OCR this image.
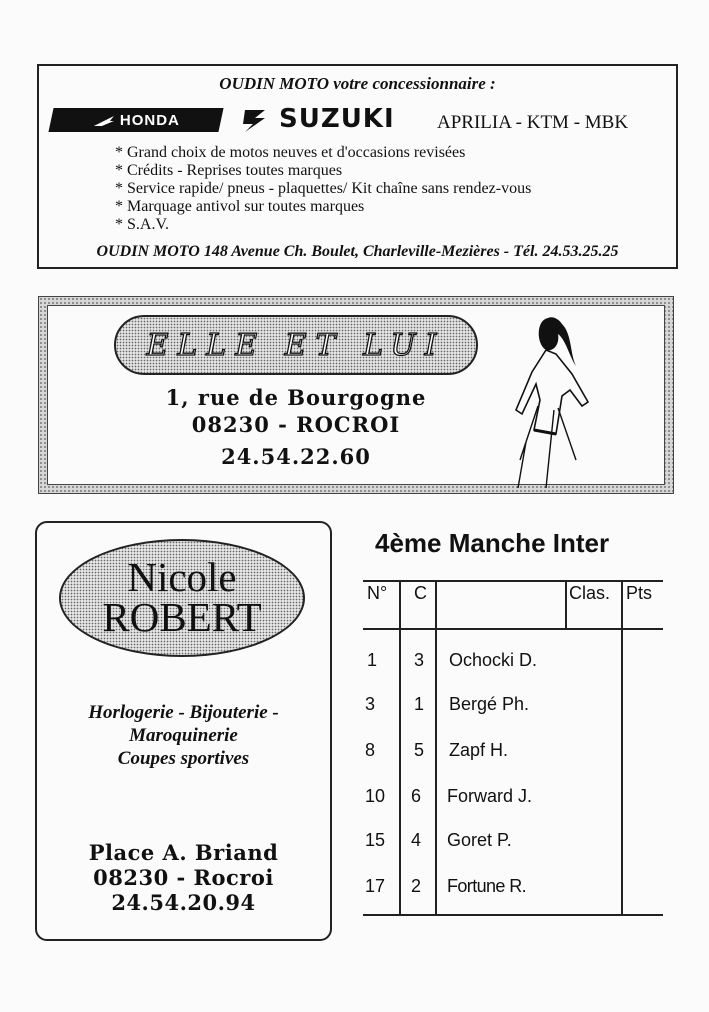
OUDIN MOTO votre concessionnaire :
HONDA	SUZUKI APRILIA - KTM - MBK
* Grand choix de motos neuves et d'occasions revisées
* Crédits - Reprises toutes marques
* Service rapide/ pneus - plaquettes/ Kit chaîne sans rendez-vous
* Marquage antivol sur toutes marques
* S.A.V.
OUDIN MOTO 148 Avenue Ch. Boulet, Charleville-Mezières - Tél. 24.53.25.25
ELLE ET LUI
1, rue de Bourgogne
08230 - ROCROI
24.54.22.60
Nicole
ROBERT
Horlogerie - Bijouterie -
Maroquinerie
Coupes sportives
Place A. Briand
08230 - Rocroi
24.54.20.94
4ème Manche Inter
N° C	Clas. Pts
1 3 Ochocki D.
3 1 Bergé Ph.
8 5 Zapf H.
10 6 Forward J.
15 4 Goret P.
17 2 Fortune R.
